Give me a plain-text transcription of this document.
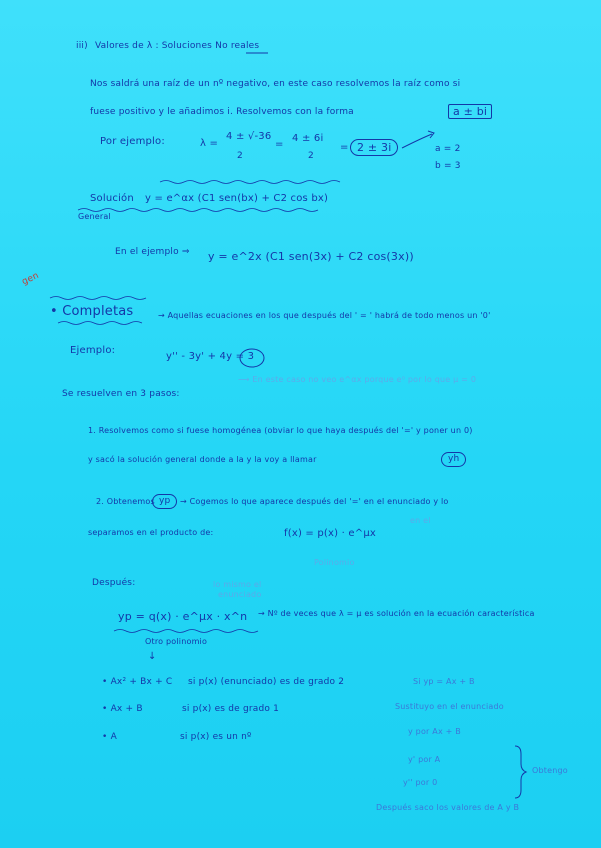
iii) Valores de λ : Soluciones No reales
Nos saldrá una raíz de un nº negativo, en este caso resolvemos la raíz como si
fuese positivo y le añadimos i. Resolvemos con la forma	a ± bi
Por ejemplo:	λ =
4 ± √-36
2
=
4 ± 6i
2
= 2 ± 3i	a = 2
b = 3
Solución
General
y = e^αx (C1 sen(bx) + C2 cos bx)
En el ejemplo ⇒ y = e^2x (C1 sen(3x) + C2 cos(3x))
gen
• Completas	→ Aquellas ecuaciones en los que después del ' = ' habrá de todo menos un '0'
Ejemplo:
y'' - 3y' + 4y = 3
⟶ En este caso no veo e^αx porque e⁰ por lo que μ = 0
Se resuelven en 3 pasos:
1. Resolvemos como si fuese homogénea (obviar lo que haya después del '=' y poner un 0)
y sacó la solución general donde a la y la voy a llamar	yh
2. Obtenemos yp	→ Cogemos lo que aparece después del '=' en el enunciado y lo
en el
separamos en el producto de:	f(x) = p(x) · e^μx
Polinomio
Después:	lo mismo el
enunciado
yp = q(x) · e^μx · x^n → Nº de veces que λ = μ es solución en la ecuación característica
Otro polinomio
↓
• Ax² + Bx + C si p(x) (enunciado) es de grado 2
• Ax + B	si p(x) es de grado 1
• A	si p(x) es un nº
Si yp = Ax + B
Sustituyo en el enunciado
y por Ax + B
y' por A
y'' por 0
Obtengo
Después saco los valores de A y B
